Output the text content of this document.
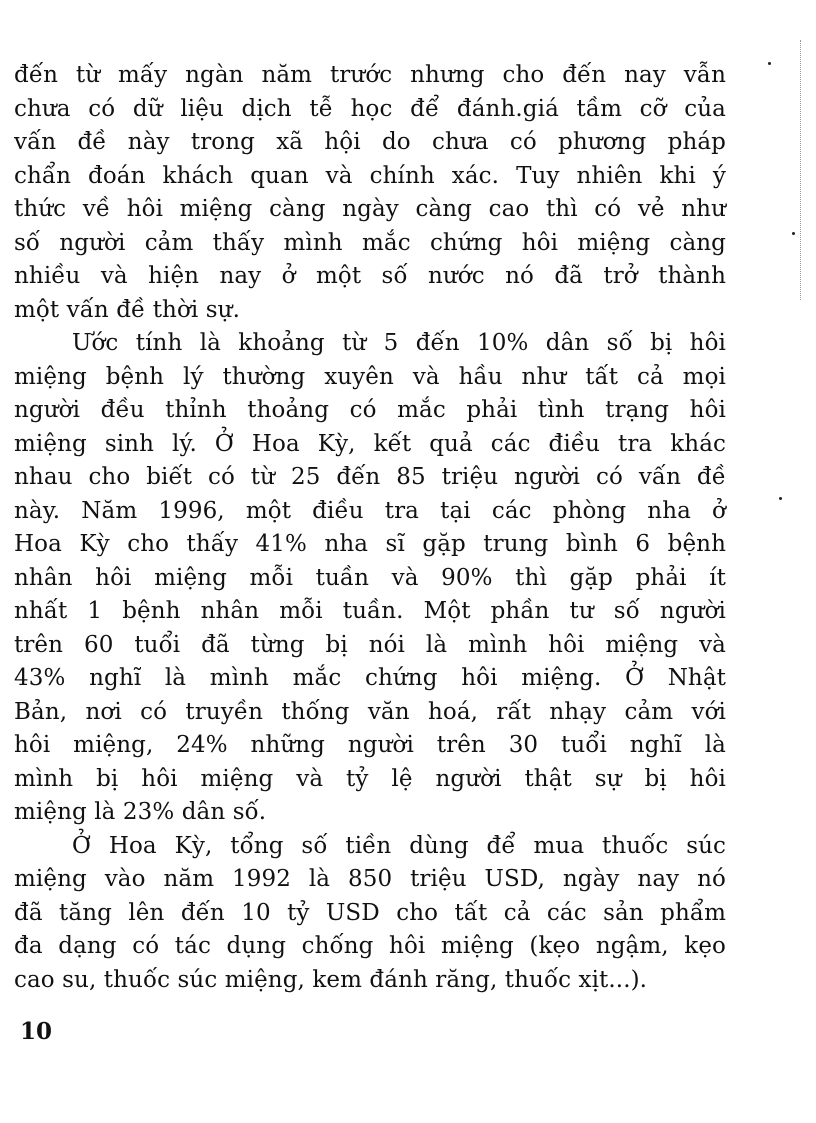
đến từ mấy ngàn năm trước nhưng cho đến nay vẫn
chưa có dữ liệu dịch tễ học để đánh.giá tầm cỡ của
vấn đề này trong xã hội do chưa có phương pháp
chẩn đoán khách quan và chính xác. Tuy nhiên khi ý
thức về hôi miệng càng ngày càng cao thì có vẻ như
số người cảm thấy mình mắc chứng hôi miệng càng
nhiều và hiện nay ở một số nước nó đã trở thành
một vấn đề thời sự.
Ước tính là khoảng từ 5 đến 10% dân số bị hôi
miệng bệnh lý thường xuyên và hầu như tất cả mọi
người đều thỉnh thoảng có mắc phải tình trạng hôi
miệng sinh lý. Ở Hoa Kỳ, kết quả các điều tra khác
nhau cho biết có từ 25 đến 85 triệu người có vấn đề
này. Năm 1996, một điều tra tại các phòng nha ở
Hoa Kỳ cho thấy 41% nha sĩ gặp trung bình 6 bệnh
nhân hôi miệng mỗi tuần và 90% thì gặp phải ít
nhất 1 bệnh nhân mỗi tuần. Một phần tư số người
trên 60 tuổi đã từng bị nói là mình hôi miệng và
43% nghĩ là mình mắc chứng hôi miệng. Ở Nhật
Bản, nơi có truyền thống văn hoá, rất nhạy cảm với
hôi miệng, 24% những người trên 30 tuổi nghĩ là
mình bị hôi miệng và tỷ lệ người thật sự bị hôi
miệng là 23% dân số.
Ở Hoa Kỳ, tổng số tiền dùng để mua thuốc súc
miệng vào năm 1992 là 850 triệu USD, ngày nay nó
đã tăng lên đến 10 tỷ USD cho tất cả các sản phẩm
đa dạng có tác dụng chống hôi miệng (kẹo ngậm, kẹo
cao su, thuốc súc miệng, kem đánh răng, thuốc xịt...).
10
